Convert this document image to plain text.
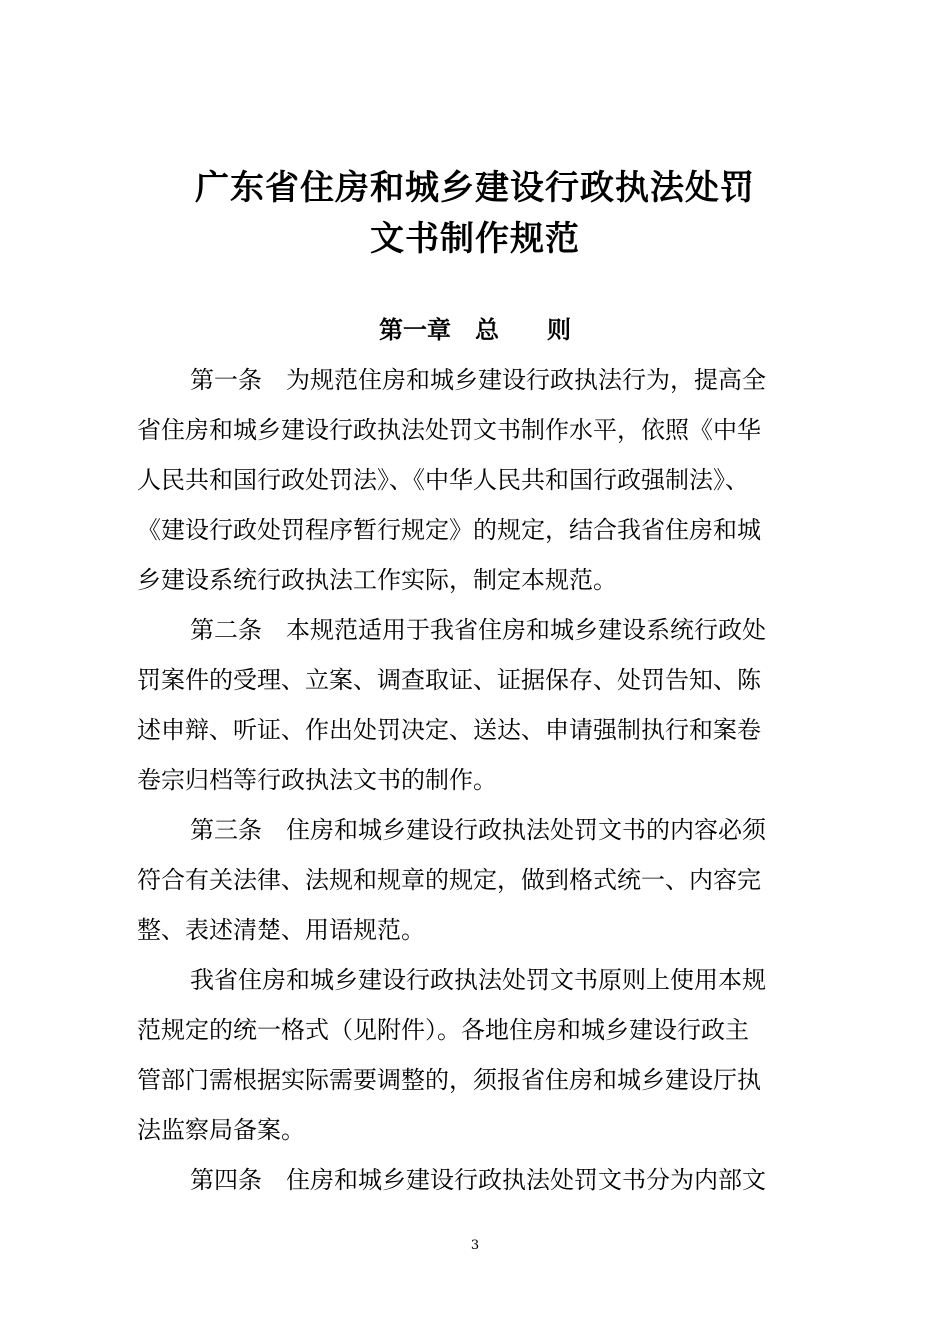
广东省住房和城乡建设行政执法处罚
文书制作规范
第一章　总　　则
第一条　为规范住房和城乡建设行政执法行为，提高全
省住房和城乡建设行政执法处罚文书制作水平，依照《中华
人民共和国行政处罚法》、《中华人民共和国行政强制法》、
《建设行政处罚程序暂行规定》的规定，结合我省住房和城
乡建设系统行政执法工作实际，制定本规范。
第二条　本规范适用于我省住房和城乡建设系统行政处
罚案件的受理、立案、调查取证、证据保存、处罚告知、陈
述申辩、听证、作出处罚决定、送达、申请强制执行和案卷
卷宗归档等行政执法文书的制作。
第三条　住房和城乡建设行政执法处罚文书的内容必须
符合有关法律、法规和规章的规定，做到格式统一、内容完
整、表述清楚、用语规范。
我省住房和城乡建设行政执法处罚文书原则上使用本规
范规定的统一格式（见附件）。各地住房和城乡建设行政主
管部门需根据实际需要调整的，须报省住房和城乡建设厅执
法监察局备案。
第四条　住房和城乡建设行政执法处罚文书分为内部文
3
